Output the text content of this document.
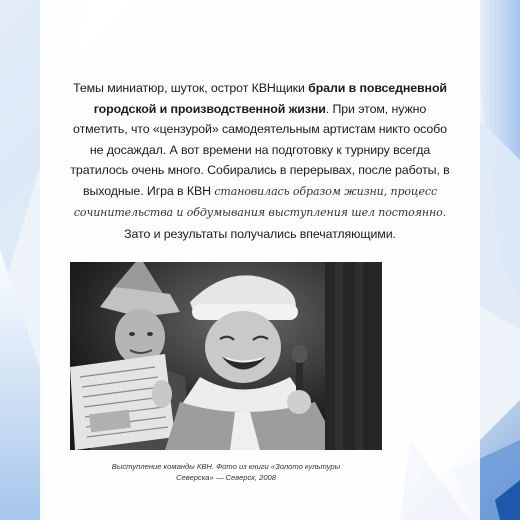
Темы миниатюр, шуток, острот КВНщики брали в повседневной городской и производственной жизни. При этом, нужно отметить, что «цензурой» самодеятельным артистам никто особо не досаждал. А вот времени на подготовку к турниру всегда тратилось очень много. Собирались в перерывах, после работы, в выходные. Игра в КВН становилась образом жизни, процесс сочинительства и обдумывания выступления шел постоянно. Зато и результаты получались впечатляющими.
Выступление команды КВН. Фото из книги «Золото культуры
Северска» — Северск, 2008
